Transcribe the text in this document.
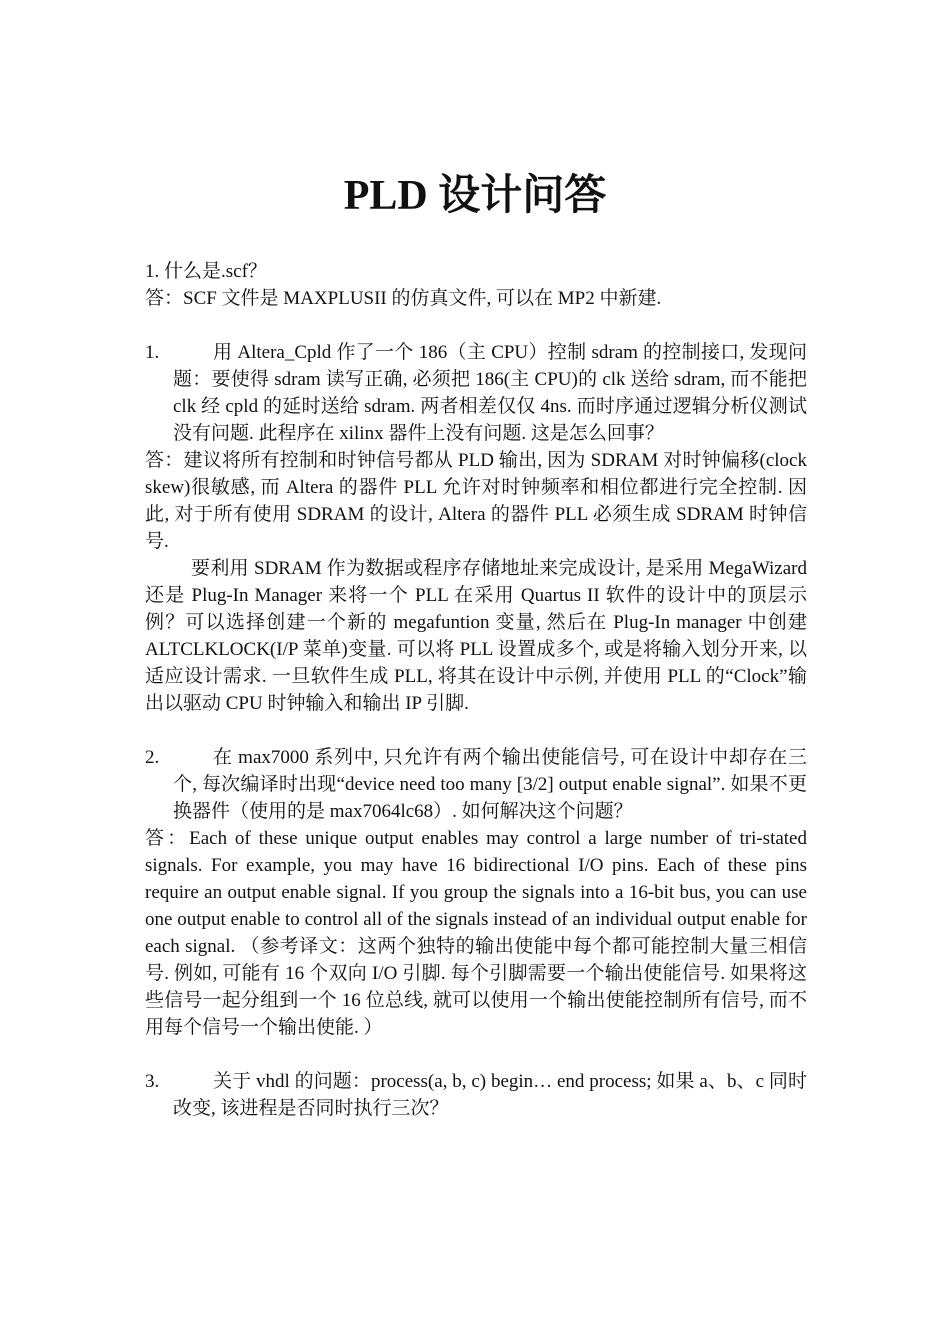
PLD 设计问答

1. 什么是.scf？

答：SCF 文件是 MAXPLUSII 的仿真文件, 可以在 MP2 中新建.

1.	用 Altera_Cpld 作了一个 186（主 CPU）控制 sdram 的控制接口, 发现问题：要使得 sdram 读写正确, 必须把 186(主 CPU)的 clk 送给 sdram, 而不能把 clk 经 cpld 的延时送给 sdram. 两者相差仅仅 4ns. 而时序通过逻辑分析仪测试没有问题. 此程序在 xilinx 器件上没有问题. 这是怎么回事？

答：建议将所有控制和时钟信号都从 PLD 输出, 因为 SDRAM 对时钟偏移(clock skew)很敏感, 而 Altera 的器件 PLL 允许对时钟频率和相位都进行完全控制. 因此, 对于所有使用 SDRAM 的设计, Altera 的器件 PLL 必须生成 SDRAM 时钟信号.

要利用 SDRAM 作为数据或程序存储地址来完成设计, 是采用 MegaWizard 还是 Plug-In Manager 来将一个 PLL 在采用 Quartus II 软件的设计中的顶层示例？可以选择创建一个新的 megafuntion 变量, 然后在 Plug-In manager 中创建 ALTCLKLOCK(I/P 菜单)变量. 可以将 PLL 设置成多个, 或是将输入划分开来, 以适应设计需求. 一旦软件生成 PLL, 将其在设计中示例, 并使用 PLL 的“Clock”输出以驱动 CPU 时钟输入和输出 IP 引脚.

2.	在 max7000 系列中, 只允许有两个输出使能信号, 可在设计中却存在三个, 每次编译时出现“device need too many [3/2] output enable signal”. 如果不更换器件（使用的是 max7064lc68）. 如何解决这个问题？

答：Each of these unique output enables may control a large number of tri-stated signals. For example, you may have 16 bidirectional I/O pins. Each of these pins require an output enable signal. If you group the signals into a 16-bit bus, you can use one output enable to control all of the signals instead of an individual output enable for each signal. （参考译文：这两个独特的输出使能中每个都可能控制大量三相信号. 例如, 可能有 16 个双向 I/O 引脚. 每个引脚需要一个输出使能信号. 如果将这些信号一起分组到一个 16 位总线, 就可以使用一个输出使能控制所有信号, 而不用每个信号一个输出使能. ）

3.	关于 vhdl 的问题：process(a, b, c) begin… end process; 如果 a、b、c 同时改变, 该进程是否同时执行三次？
